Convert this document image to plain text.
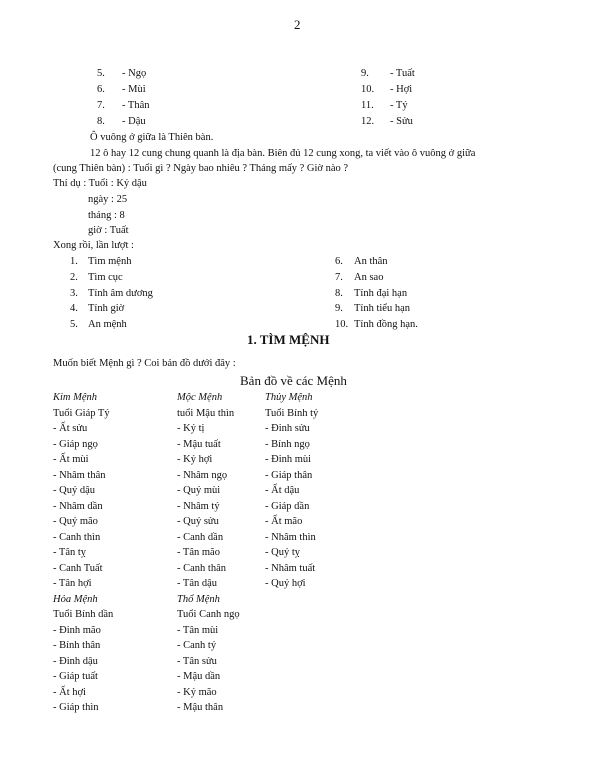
2
5. - Ngọ
6. - Mùi
7. - Thân
8. - Dậu
9. - Tuất
10. - Hợi
11. - Tý
12. - Sửu
Ô vuông ở giữa là Thiên bàn.
12 ô hay 12 cung chung quanh là địa bàn. Biên đủ 12 cung xong, ta viết vào ô vuông ở giữa
(cung Thiên bàn) : Tuổi gì ? Ngày bao nhiêu ? Tháng mấy ? Giờ nào ?
Thí dụ : Tuổi : Kỷ dậu
ngày : 25
tháng : 8
giờ : Tuất
Xong rồi, lần lượt :
1. Tìm mệnh
2. Tìm cục
3. Tính âm dương
4. Tính giờ
5. An mệnh
6. An thân
7. An sao
8. Tính đại hạn
9. Tính tiểu hạn
10. Tính đồng hạn.
1. TÌM MỆNH
Muốn biết Mệnh gì ? Coi bản đồ dưới đây :
Bản đồ về các Mệnh
Kim Mệnh
Tuổi Giáp Tý
- Ất sửu
- Giáp ngọ
- Ất mùi
- Nhâm thân
- Quý dậu
- Nhâm dần
- Quý mão
- Canh thìn
- Tân tỵ
- Canh Tuất
- Tân hợi
Hỏa Mệnh
Tuổi Bính dần
- Đinh mão
- Bính thân
- Đinh dậu
- Giáp tuất
- Ất hợi
- Giáp thìn
Mộc Mệnh
tuổi Mậu thìn
- Kỷ tị
- Mậu tuất
- Kỷ hợi
- Nhâm ngọ
- Quý mùi
- Nhâm tý
- Quý sửu
- Canh dần
- Tân mão
- Canh thân
- Tân dậu
Thổ Mệnh
Tuổi Canh ngọ
- Tân mùi
- Canh tý
- Tân sửu
- Mậu dần
- Kỷ mão
- Mậu thân
Thủy Mệnh
Tuổi Bính tý
- Đinh sửu
- Bính ngọ
- Đinh mùi
- Giáp thân
- Ất dậu
- Giáp dần
- Ất mão
- Nhâm thìn
- Quý tỵ
- Nhâm tuất
- Quý hợi
